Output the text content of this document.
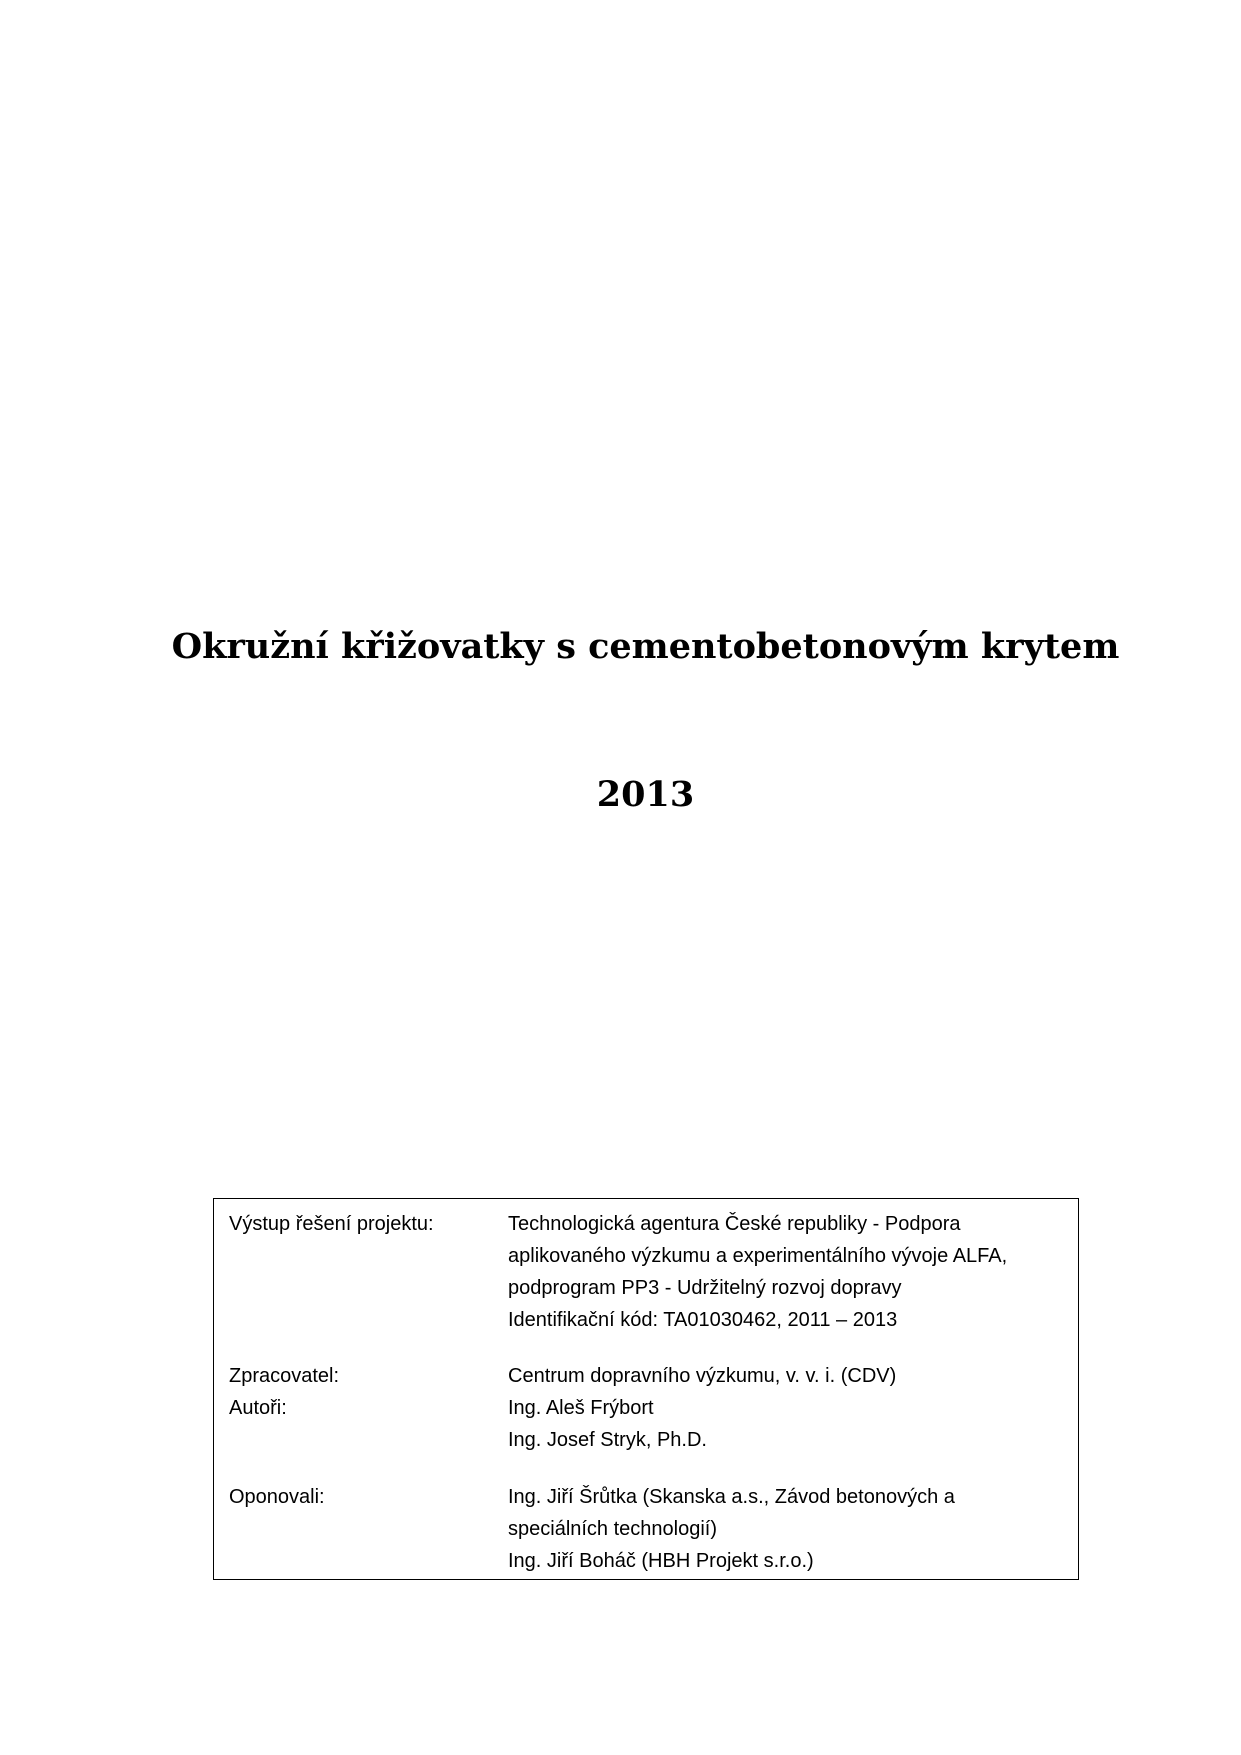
Okružní křižovatky s cementobetonovým krytem
2013
Výstup řešení projektu:	Technologická agentura České republiky - Podpora
aplikovaného výzkumu a experimentálního vývoje ALFA,
podprogram PP3 - Udržitelný rozvoj dopravy
Identifikační kód: TA01030462, 2011 – 2013
Zpracovatel:	Centrum dopravního výzkumu, v. v. i. (CDV)
Autoři:	Ing. Aleš Frýbort
Ing. Josef Stryk, Ph.D.
Oponovali:	Ing. Jiří Šrůtka (Skanska a.s., Závod betonových a
speciálních technologií)
Ing. Jiří Boháč (HBH Projekt s.r.o.)
